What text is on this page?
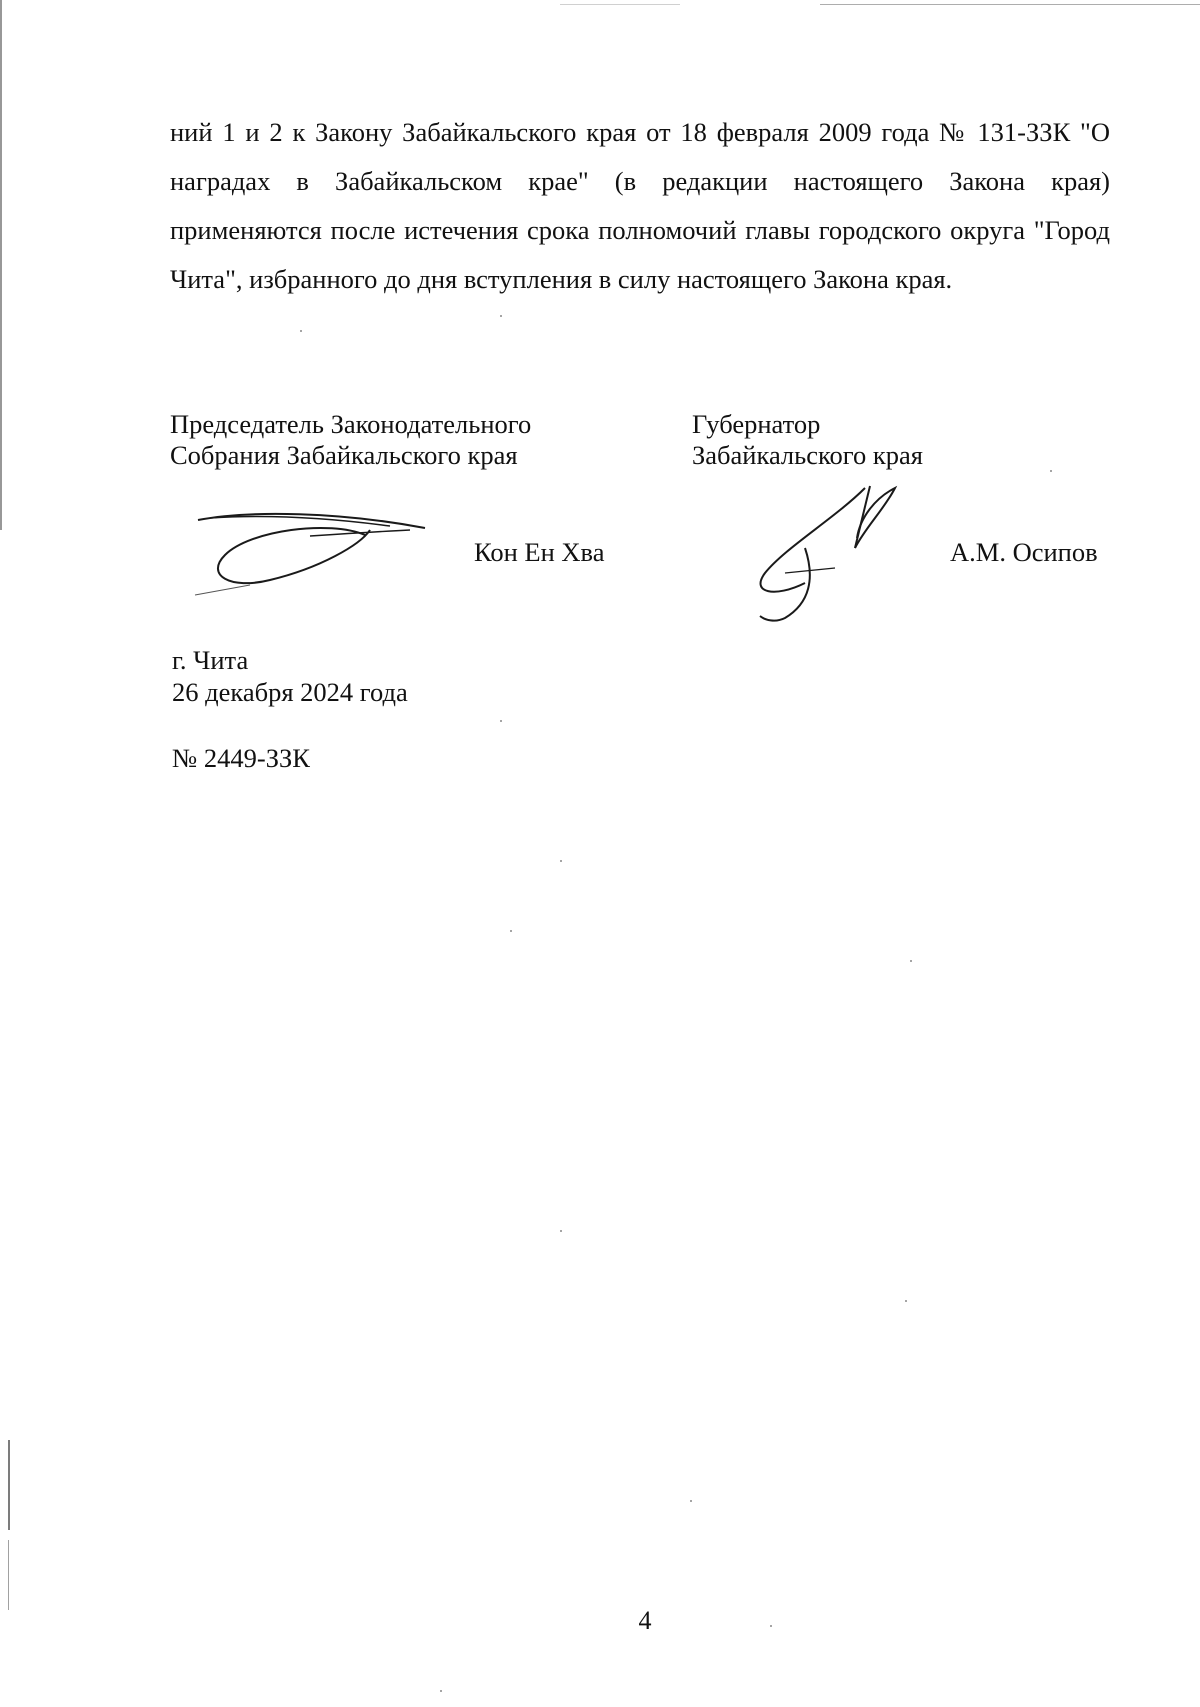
ний 1 и 2 к Закону Забайкальского края от 18 февраля 2009 года № 131-ЗЗК "О наградах в Забайкальском крае" (в редакции настоящего Закона края) применяются после истечения срока полномочий главы городского округа "Город Чита", избранного до дня вступления в силу настоящего Закона края.

Председатель Законодательного
Собрания Забайкальского края
Кон Ен Хва
Губернатор
Забайкальского края
А.М. Осипов
г. Чита
26 декабря 2024 года
№ 2449-ЗЗК
4
